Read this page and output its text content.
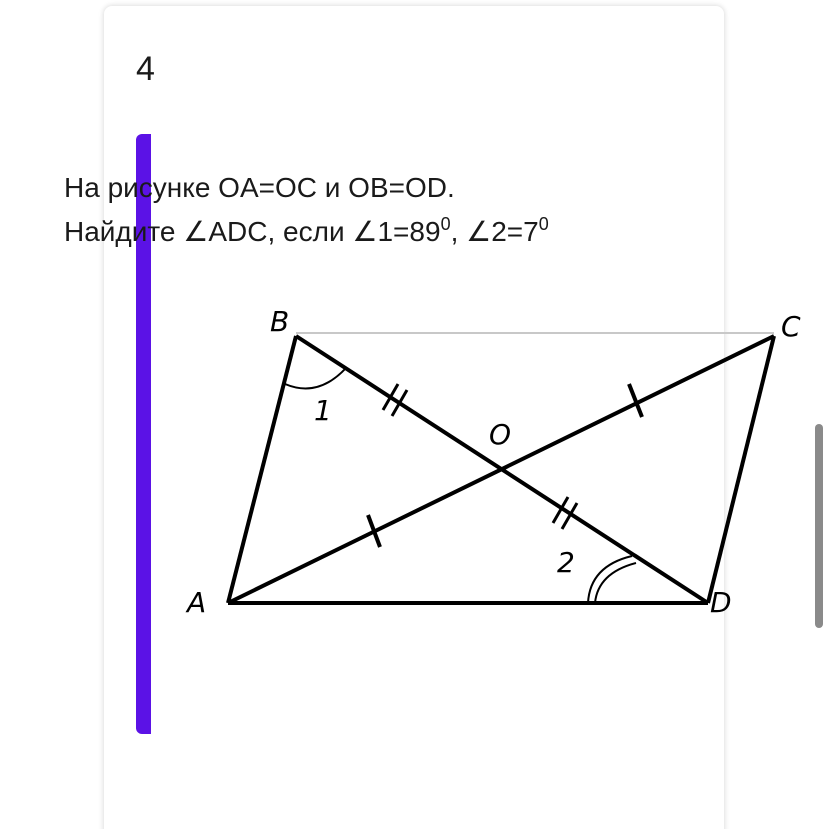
4
На рисунке OA=OC и OB=OD.
Найдите ∠ADC, если $\angle 1=89^0$, $\angle 2=7^0$
B	C
O
A	D
1
2
